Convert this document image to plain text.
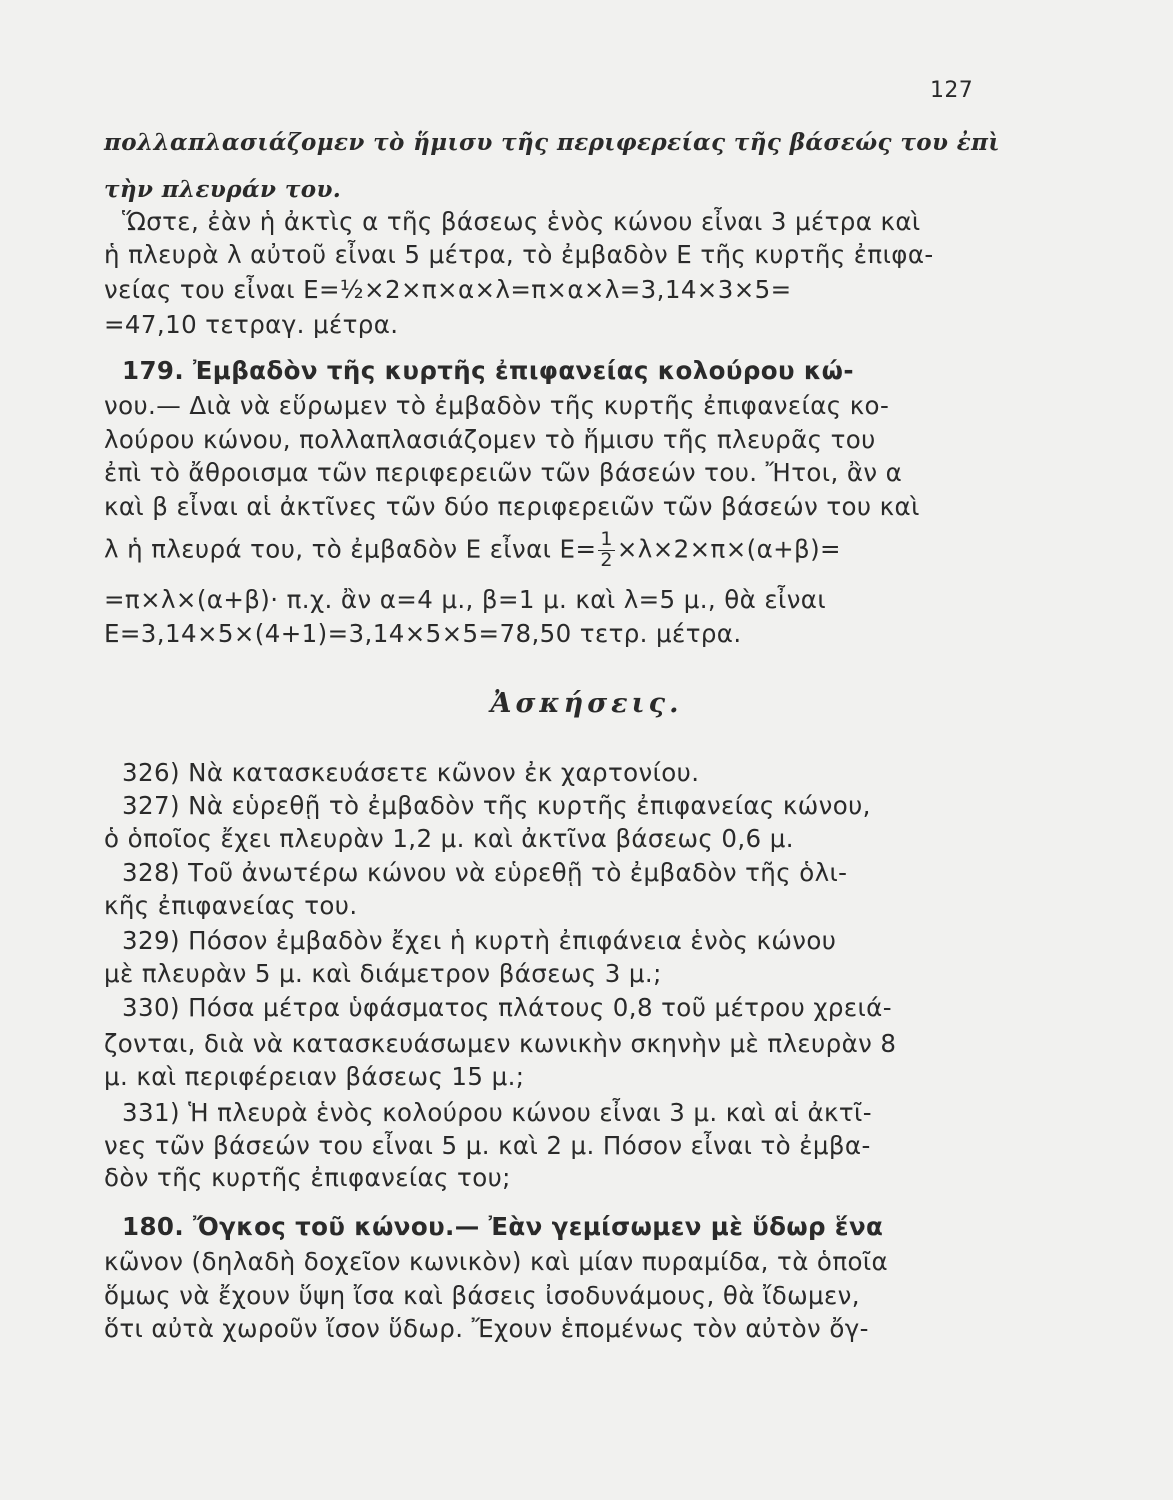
127
πολλαπλασιάζομεν τὸ ἥμισυ τῆς περιφερείας τῆς βάσεώς του ἐπὶ
τὴν πλευράν του.
Ὥστε, ἐὰν ἡ ἀκτὶς α τῆς βάσεως ἑνὸς κώνου εἶναι 3 μέτρα καὶ
ἡ πλευρὰ λ αὐτοῦ εἶναι 5 μέτρα, τὸ ἐμβαδὸν Ε τῆς κυρτῆς ἐπιφα-
νείας του εἶναι Ε=½×2×π×α×λ=π×α×λ=3,14×3×5=
=47,10 τετραγ. μέτρα.
179. Ἐμβαδὸν τῆς κυρτῆς ἐπιφανείας κολούρου κώ-
νου.— Διὰ νὰ εὕρωμεν τὸ ἐμβαδὸν τῆς κυρτῆς ἐπιφανείας κο-
λούρου κώνου, πολλαπλασιάζομεν τὸ ἥμισυ τῆς πλευρᾶς του
ἐπὶ τὸ ἄθροισμα τῶν περιφερειῶν τῶν βάσεών του. Ἤτοι, ἂν α
καὶ β εἶναι αἱ ἀκτῖνες τῶν δύο περιφερειῶν τῶν βάσεών του καὶ
λ ἡ πλευρά του, τὸ ἐμβαδὸν Ε εἶναι $E= \frac{1}{2} \times\lambda\times 2\times\pi\times(\alpha+\beta)=$
=π×λ×(α+β)· π.χ. ἂν α=4 μ., β=1 μ. καὶ λ=5 μ., θὰ εἶναι
Ε=3,14×5×(4+1)=3,14×5×5=78,50 τετρ. μέτρα.
Ἀσκήσεις.
326) Νὰ κατασκευάσετε κῶνον ἐκ χαρτονίου.
327) Νὰ εὑρεθῇ τὸ ἐμβαδὸν τῆς κυρτῆς ἐπιφανείας κώνου,
ὁ ὁποῖος ἔχει πλευρὰν 1,2 μ. καὶ ἀκτῖνα βάσεως 0,6 μ.
328) Τοῦ ἀνωτέρω κώνου νὰ εὑρεθῇ τὸ ἐμβαδὸν τῆς ὁλι-
κῆς ἐπιφανείας του.
329) Πόσον ἐμβαδὸν ἔχει ἡ κυρτὴ ἐπιφάνεια ἑνὸς κώνου
μὲ πλευρὰν 5 μ. καὶ διάμετρον βάσεως 3 μ.;
330) Πόσα μέτρα ὑφάσματος πλάτους 0,8 τοῦ μέτρου χρειά-
ζονται, διὰ νὰ κατασκευάσωμεν κωνικὴν σκηνὴν μὲ πλευρὰν 8
μ. καὶ περιφέρειαν βάσεως 15 μ.;
331) Ἡ πλευρὰ ἑνὸς κολούρου κώνου εἶναι 3 μ. καὶ αἱ ἀκτῖ-
νες τῶν βάσεών του εἶναι 5 μ. καὶ 2 μ. Πόσον εἶναι τὸ ἐμβα-
δὸν τῆς κυρτῆς ἐπιφανείας του;
180. Ὄγκος τοῦ κώνου.— Ἐὰν γεμίσωμεν μὲ ὕδωρ ἕνα
κῶνον (δηλαδὴ δοχεῖον κωνικὸν) καὶ μίαν πυραμίδα, τὰ ὁποῖα
ὅμως νὰ ἔχουν ὕψη ἴσα καὶ βάσεις ἰσοδυνάμους, θὰ ἴδωμεν,
ὅτι αὐτὰ χωροῦν ἴσον ὕδωρ. Ἔχουν ἑπομένως τὸν αὐτὸν ὄγ-
